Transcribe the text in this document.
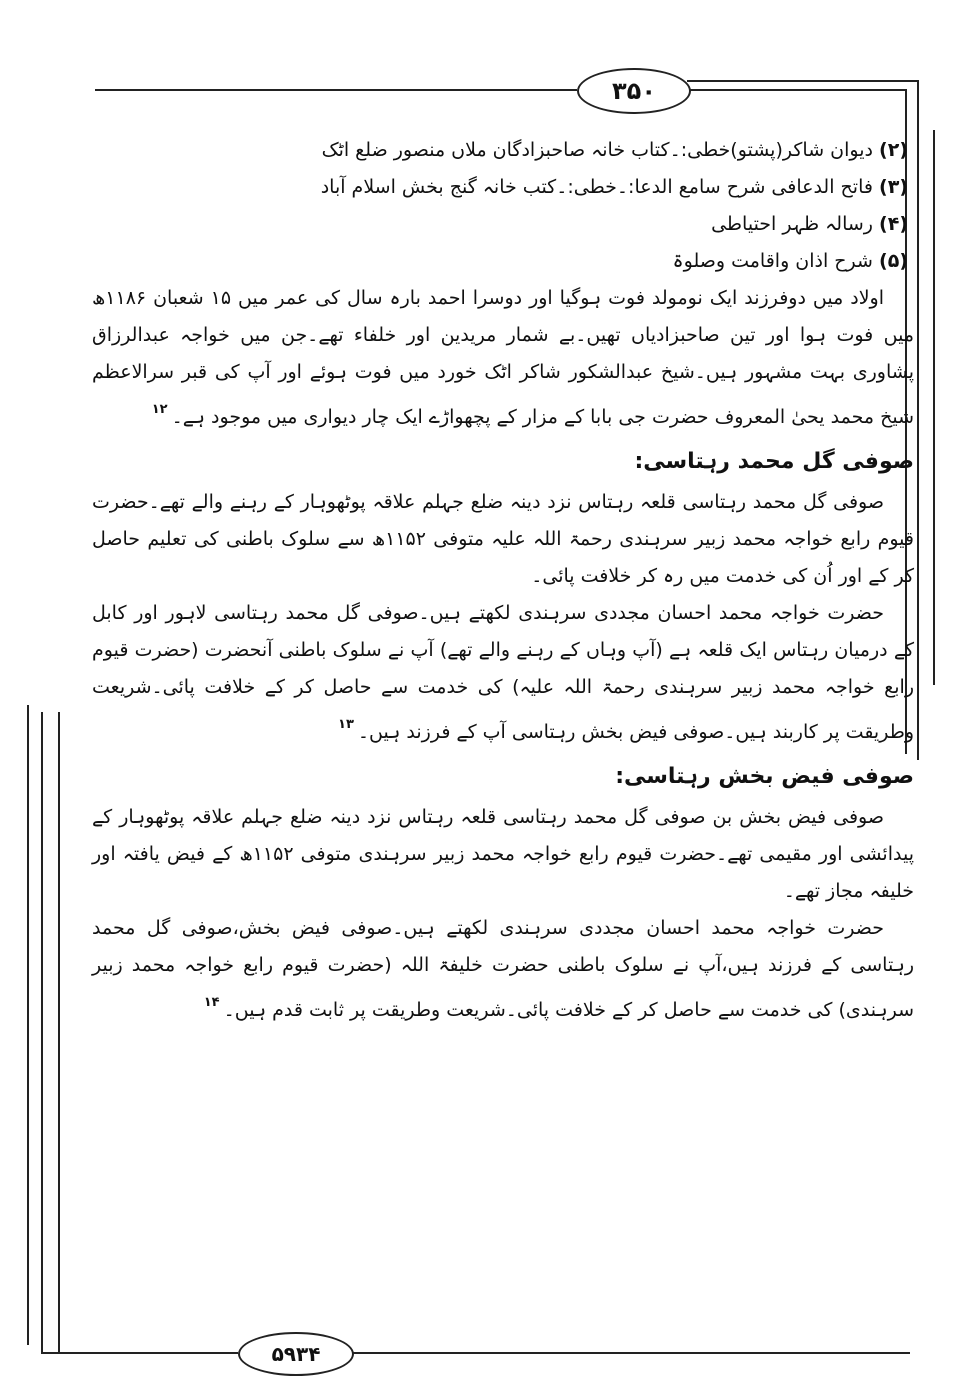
۳۵۰
(۲) دیوان شاکر(پشتو)خطی:۔کتاب خانہ صاحبزادگان ملاں منصور ضلع اٹک
(۳) فاتح الدعافی شرح سامع الدعا:۔خطی:۔کتب خانہ گنج بخش اسلام آباد
(۴) رسالہ ظہر احتیاطی
(۵) شرح اذان واقامت وصلوۃ

اولاد میں دوفرزند ایک نومولد فوت ہوگیا اور دوسرا احمد بارہ سال کی عمر میں ۱۵ شعبان ۱۱۸۶ھ میں فوت ہوا اور تین صاحبزادیاں تھیں۔بے شمار مریدین اور خلفاء تھے۔جن میں خواجہ عبدالرزاق پشاوری بہت مشہور ہیں۔شیخ عبدالشکور شاکر اٹک خورد میں فوت ہوئے اور آپ کی قبر سرالاعظم شیخ محمد یحیٰ المعروف حضرت جی بابا کے مزار کے پچھواڑے ایک چار دیواری میں موجود ہے۔$^{۱۲}$

صوفی گل محمد رہتاسی:

صوفی گل محمد رہتاسی قلعہ رہتاس نزد دینہ ضلع جہلم علاقہ پوٹھوہار کے رہنے والے تھے۔حضرت قیوم رابع خواجہ محمد زبیر سرہندی رحمۃ اللہ علیہ متوفی ۱۱۵۲ھ سے سلوک باطنی کی تعلیم حاصل کر کے اور اُن کی خدمت میں رہ کر خلافت پائی۔

حضرت خواجہ محمد احسان مجددی سرہندی لکھتے ہیں۔صوفی گل محمد رہتاسی لاہور اور کابل کے درمیان رہتاس ایک قلعہ ہے (آپ وہاں کے رہنے والے تھے) آپ نے سلوک باطنی آنحضرت (حضرت قیوم رابع خواجہ محمد زبیر سرہندی رحمۃ اللہ علیہ) کی خدمت سے حاصل کر کے خلافت پائی۔شریعت وطریقت پر کاربند ہیں۔صوفی فیض بخش رہتاسی آپ کے فرزند ہیں۔$^{۱۳}$

صوفی فیض بخش رہتاسی:

صوفی فیض بخش بن صوفی گل محمد رہتاسی قلعہ رہتاس نزد دینہ ضلع جہلم علاقہ پوٹھوہار کے پیدائشی اور مقیمی تھے۔حضرت قیوم رابع خواجہ محمد زبیر سرہندی متوفی ۱۱۵۲ھ کے فیض یافتہ اور خلیفہ مجاز تھے۔

حضرت خواجہ محمد احسان مجددی سرہندی لکھتے ہیں۔صوفی فیض بخش،صوفی گل محمد رہتاسی کے فرزند ہیں،آپ نے سلوک باطنی حضرت خلیفۃ اللہ (حضرت قیوم رابع خواجہ محمد زبیر سرہندی) کی خدمت سے حاصل کر کے خلافت پائی۔شریعت وطریقت پر ثابت قدم ہیں۔$^{۱۴}$

۵۹۳۴
